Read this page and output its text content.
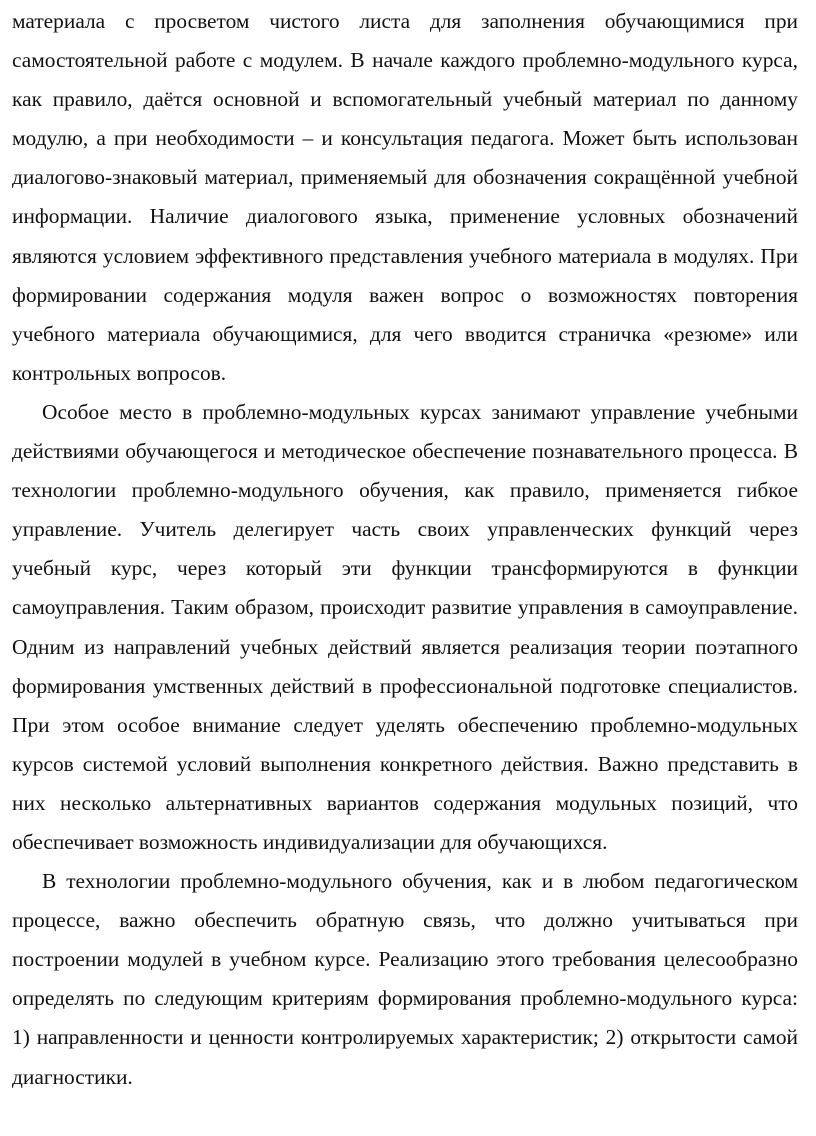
материала с просветом чистого листа для заполнения обучающимися при самостоятельной работе с модулем. В начале каждого проблемно-модульного курса, как правило, даётся основной и вспомогательный учебный материал по данному модулю, а при необходимости – и консультация педагога. Может быть использован диалогово-знаковый материал, применяемый для обозначения сокращённой учебной информации. Наличие диалогового языка, применение условных обозначений являются условием эффективного представления учебного материала в модулях. При формировании содержания модуля важен вопрос о возможностях повторения учебного материала обучающимися, для чего вводится страничка «резюме» или контрольных вопросов.

Особое место в проблемно-модульных курсах занимают управление учебными действиями обучающегося и методическое обеспечение познавательного процесса. В технологии проблемно-модульного обучения, как правило, применяется гибкое управление. Учитель делегирует часть своих управленческих функций через учебный курс, через который эти функции трансформируются в функции самоуправления. Таким образом, происходит развитие управления в самоуправление. Одним из направлений учебных действий является реализация теории поэтапного формирования умственных действий в профессиональной подготовке специалистов. При этом особое внимание следует уделять обеспечению проблемно-модульных курсов системой условий выполнения конкретного действия. Важно представить в них несколько альтернативных вариантов содержания модульных позиций, что обеспечивает возможность индивидуализации для обучающихся.

В технологии проблемно-модульного обучения, как и в любом педагогическом процессе, важно обеспечить обратную связь, что должно учитываться при построении модулей в учебном курсе. Реализацию этого требования целесообразно определять по следующим критериям формирования проблемно-модульного курса: 1) направленности и ценности контролируемых характеристик; 2) открытости самой диагностики.
